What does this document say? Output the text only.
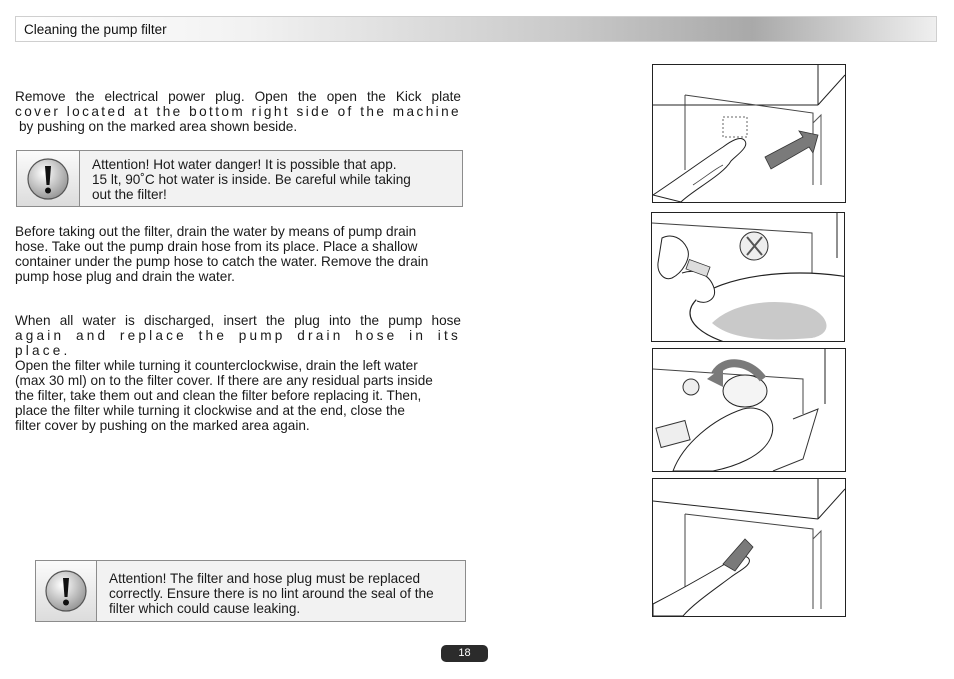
Cleaning the pump filter

Remove the electrical power plug. Open the open the Kick plate

cover located at the bottom right side of the machine

by pushing on the marked area shown beside.

Attention! Hot water danger! It is possible that app.
15 lt, 90˚C hot water is inside. Be careful while taking
out the filter!

Before taking out the filter, drain the water by means of pump drain
hose. Take out the pump drain hose from its place. Place a shallow
container under the pump hose to catch the water. Remove the drain
pump hose plug and drain the water.

When all water is discharged, insert the plug into the pump hose

again and replace the pump drain hose in its place.

Open the filter while turning it counterclockwise, drain the left water
(max 30 ml) on to the filter cover. If there are any residual parts inside
the filter, take them out and clean the filter before replacing it. Then,
place the filter while turning it clockwise and at the end, close the
filter cover by pushing on the marked area again.

Attention! The filter and hose plug must be replaced
correctly. Ensure there is no lint around the seal of the
filter which could cause leaking.
18
